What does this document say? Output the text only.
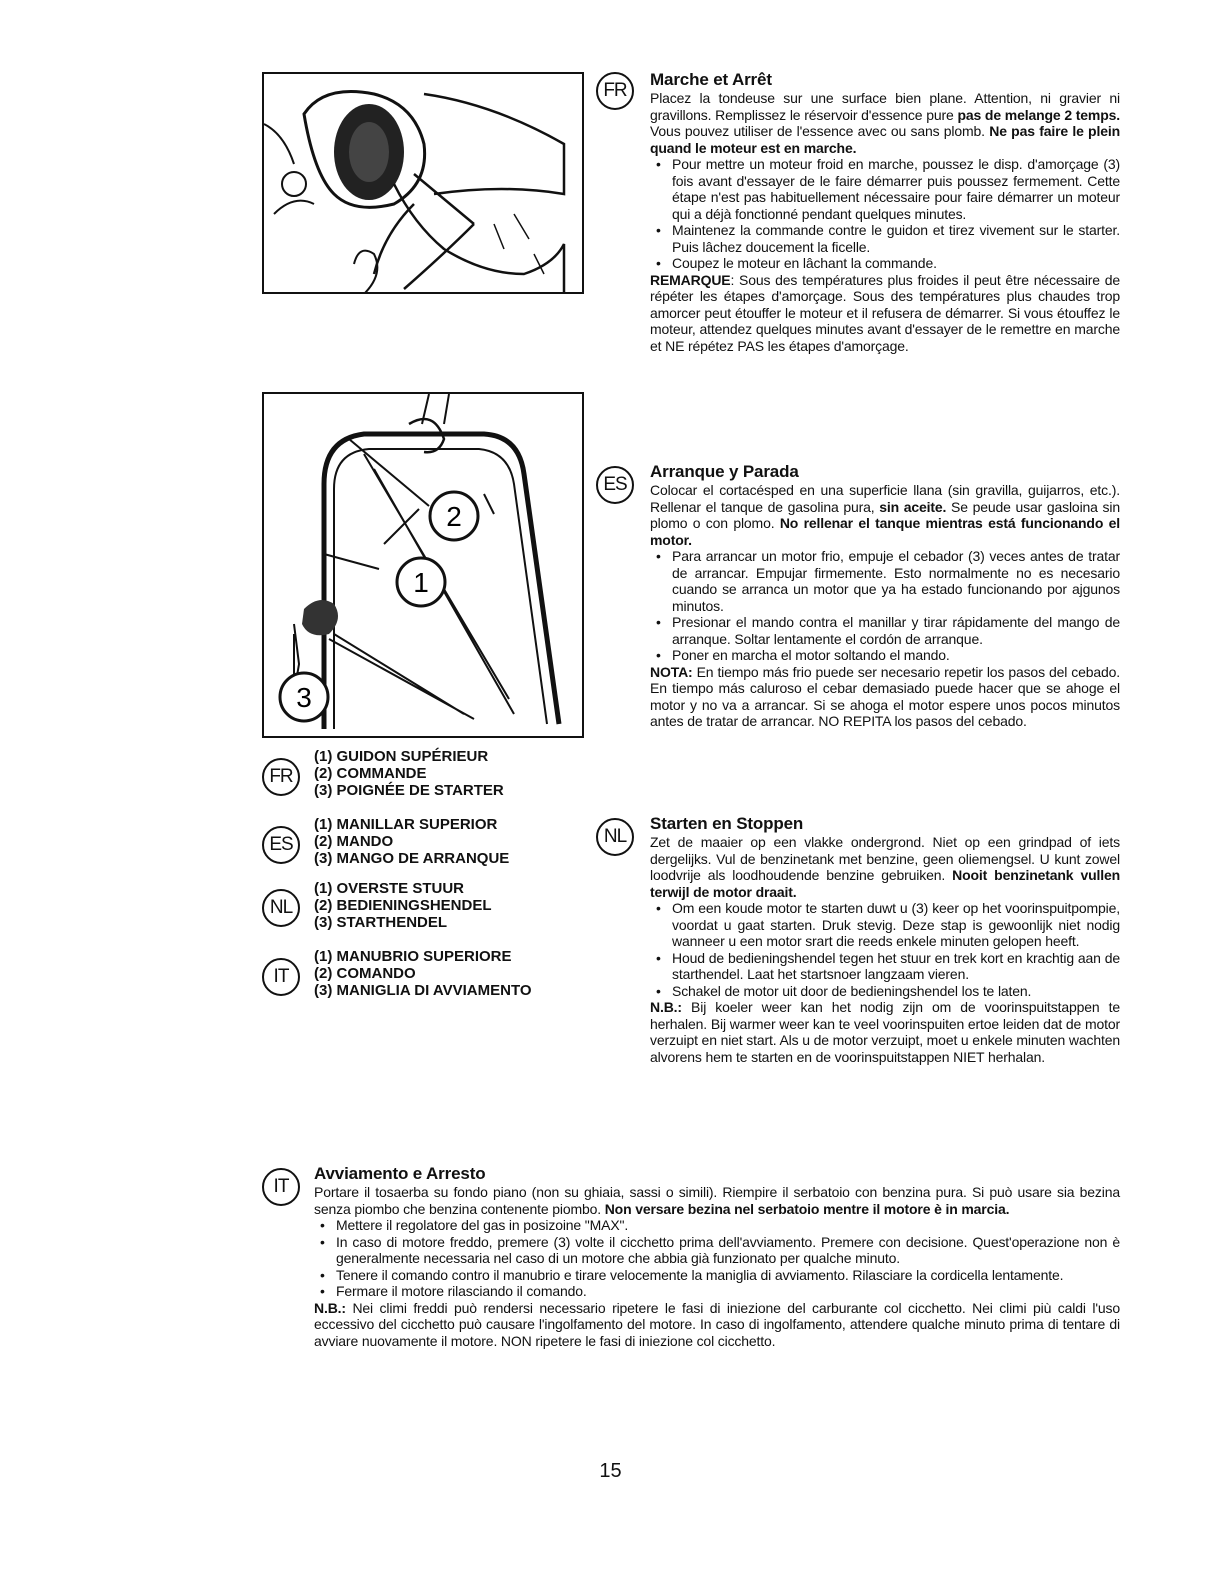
2
1
3
FR
(1) GUIDON SUPÉRIEUR
(2) COMMANDE
(3) POIGNÉE DE STARTER
ES
(1) MANILLAR SUPERIOR
(2) MANDO
(3) MANGO DE ARRANQUE
NL
(1) OVERSTE STUUR
(2) BEDIENINGSHENDEL
(3) STARTHENDEL
IT
(1) MANUBRIO SUPERIORE
(2) COMANDO
(3) MANIGLIA DI AVVIAMENTO
FR
Marche et Arrêt

Placez la tondeuse sur une surface bien plane. Attention, ni gravier ni gravillons. Remplissez le réservoir d'essence pure pas de melange 2 temps. Vous pouvez utiliser de l'essence avec ou sans plomb. Ne pas faire le plein quand le moteur est en marche.

• Pour mettre un moteur froid en marche, poussez le disp. d'amorçage (3) fois avant d'essayer de le faire démarrer puis poussez fermement. Cette étape n'est pas habituellement nécessaire pour faire démarrer un moteur qui a déjà fonctionné pendant quelques minutes.
• Maintenez la commande contre le guidon et tirez vivement sur le starter. Puis lâchez doucement la ficelle.
• Coupez le moteur en lâchant la commande.

REMARQUE: Sous des températures plus froides il peut être nécessaire de répéter les étapes d'amorçage. Sous des températures plus chaudes trop amorcer peut étouffer le moteur et il refusera de démarrer. Si vous étouffez le moteur, attendez quelques minutes avant d'essayer de le remettre en marche et NE répétez PAS les étapes d'amorçage.

ES
Arranque y Parada

Colocar el cortacésped en una superficie llana (sin gravilla, guijarros, etc.). Rellenar el tanque de gasolina pura, sin aceite. Se peude usar gasloina sin plomo o con plomo. No rellenar el tanque mientras está funcionando el motor.

• Para arrancar un motor frio, empuje el cebador (3) veces antes de tratar de arrancar. Empujar firmemente. Esto normalmente no es necesario cuando se arranca un motor que ya ha estado funcionando por ajgunos minutos.
• Presionar el mando contra el manillar y tirar rápidamente del mango de arranque. Soltar lentamente el cordón de arranque.
• Poner en marcha el motor soltando el mando.

NOTA: En tiempo más frio puede ser necesario repetir los pasos del cebado. En tiempo más caluroso el cebar demasiado puede hacer que se ahoge el motor y no va a arrancar. Si se ahoga el motor espere unos pocos minutos antes de tratar de arrancar. NO REPITA los pasos del cebado.

NL
Starten en Stoppen

Zet de maaier op een vlakke ondergrond. Niet op een grindpad of iets dergelijks. Vul de benzinetank met benzine, geen oliemengsel. U kunt zowel loodvrije als loodhoudende benzine gebruiken. Nooit benzinetank vullen terwijl de motor draait.

• Om een koude motor te starten duwt u (3) keer op het voorinspuitpompie, voordat u gaat starten. Druk stevig. Deze stap is gewoonlijk niet nodig wanneer u een motor srart die reeds enkele minuten gelopen heeft.
• Houd de bedieningshendel tegen het stuur en trek kort en krachtig aan de starthendel. Laat het startsnoer langzaam vieren.
• Schakel de motor uit door de bedieningshendel los te laten.

N.B.: Bij koeler weer kan het nodig zijn om de voorinspuitstappen te herhalen. Bij warmer weer kan te veel voorinspuiten ertoe leiden dat de motor verzuipt en niet start. Als u de motor verzuipt, moet u enkele minuten wachten alvorens hem te starten en de voorinspuitstappen NIET herhalan.

IT
Avviamento e Arresto

Portare il tosaerba su fondo piano (non su ghiaia, sassi o simili). Riempire il serbatoio con benzina pura. Si può usare sia bezina senza piombo che benzina contenente piombo. Non versare bezina nel serbatoio mentre il motore è in marcia.

• Mettere il regolatore del gas in posizoine "MAX".
• In caso di motore freddo, premere (3) volte il cicchetto prima dell'avviamento. Premere con decisione. Quest'operazione non è generalmente necessaria nel caso di un motore che abbia già funzionato per qualche minuto.
• Tenere il comando contro il manubrio e tirare velocemente la maniglia di avviamento. Rilasciare la cordicella lentamente.
• Fermare il motore rilasciando il comando.

N.B.: Nei climi freddi può rendersi necessario ripetere le fasi di iniezione del carburante col cicchetto. Nei climi più caldi l'uso eccessivo del cicchetto può causare l'ingolfamento del motore. In caso di ingolfamento, attendere qualche minuto prima di tentare di avviare nuovamente il motore. NON ripetere le fasi di iniezione col cicchetto.

15
